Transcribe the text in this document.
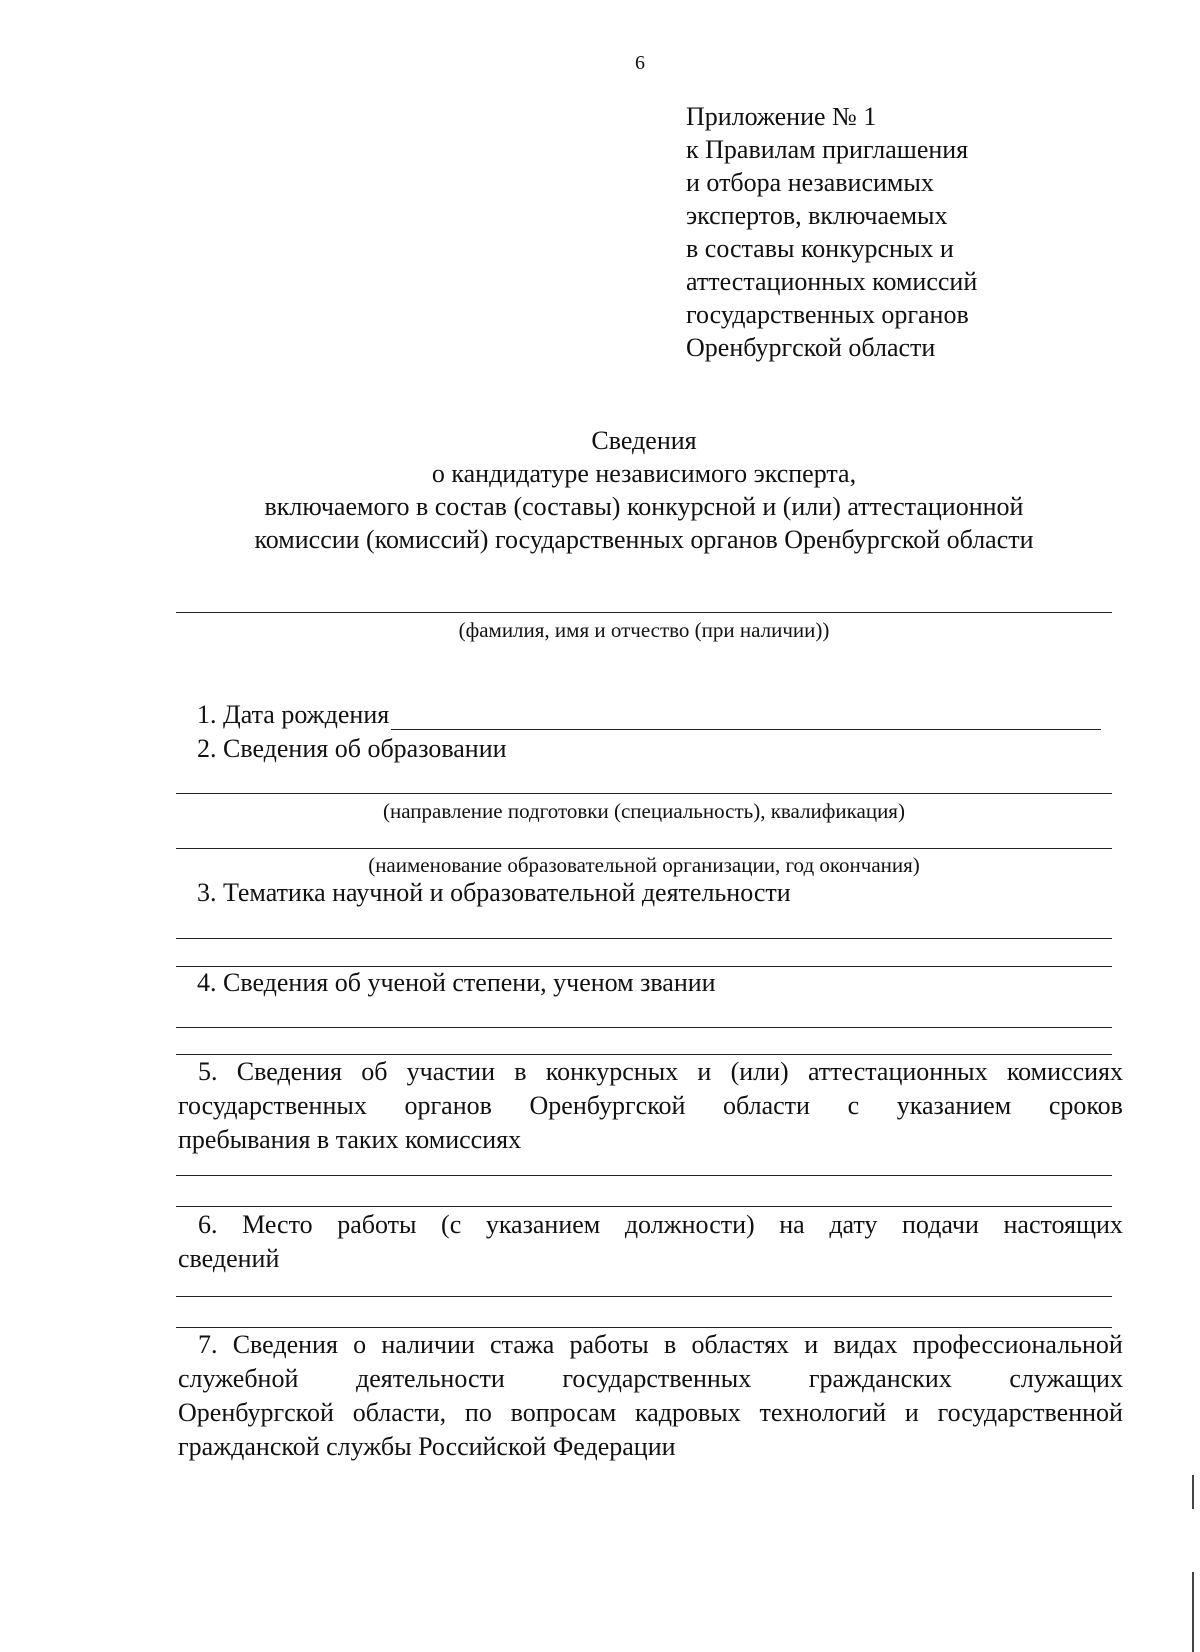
6
Приложение № 1
к Правилам приглашения
и отбора независимых
экспертов, включаемых
в составы конкурсных и
аттестационных комиссий
государственных органов
Оренбургской области
Сведения
о кандидатуре независимого эксперта,
включаемого в состав (составы) конкурсной и (или) аттестационной
комиссии (комиссий) государственных органов Оренбургской области
(фамилия, имя и отчество (при наличии))
1. Дата рождения
2. Сведения об образовании
(направление подготовки (специальность), квалификация)
(наименование образовательной организации, год окончания)
3. Тематика научной и образовательной деятельности
4. Сведения об ученой степени, ученом звании
5. Сведения об участии в конкурсных и (или) аттестационных комиссиях
государственных органов Оренбургской области с указанием сроков
пребывания в таких комиссиях
6. Место работы (с указанием должности) на дату подачи настоящих
сведений
7. Сведения о наличии стажа работы в областях и видах профессиональной
служебной деятельности государственных гражданских служащих
Оренбургской области, по вопросам кадровых технологий и государственной
гражданской службы Российской Федерации
